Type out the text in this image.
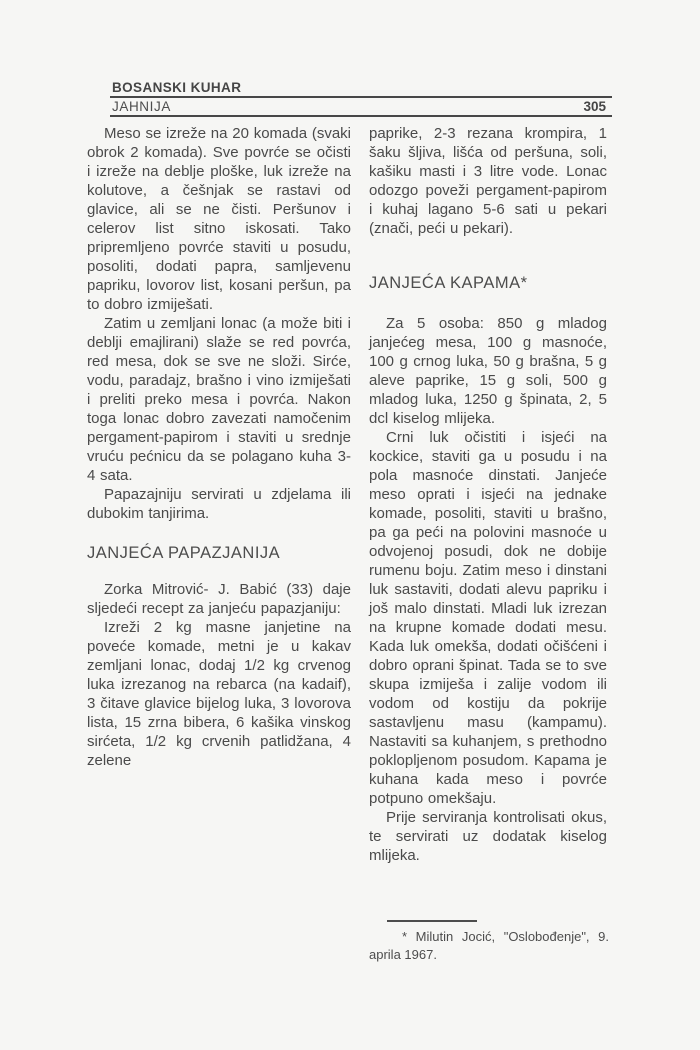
BOSANSKI KUHAR
JAHNIJA	305

Meso se izreže na 20 komada (svaki obrok 2 komada). Sve povrće se očisti i izreže na deblje ploške, luk izreže na kolutove, a češnjak se rastavi od glavice, ali se ne čisti. Peršunov i celerov list sitno iskosati. Tako pripremljeno povrće staviti u posudu, posoliti, dodati papra, samljevenu papriku, lovorov list, kosani peršun, pa to dobro izmiješati.

Zatim u zemljani lonac (a može biti i deblji emajlirani) slaže se red povrća, red mesa, dok se sve ne složi. Sirće, vodu, paradajz, brašno i vino izmiješati i preliti preko mesa i povrća. Nakon toga lonac dobro zavezati namočenim pergament-papirom i staviti u srednje vruću pećnicu da se polagano kuha 3-4 sata.

Papazajniju servirati u zdjelama ili dubokim tanjirima.

JANJEĆA PAPAZJANIJA

Zorka Mitrović- J. Babić (33) daje sljedeći recept za janjeću papazjaniju:

Izreži 2 kg masne janjetine na poveće komade, metni je u kakav zemljani lonac, dodaj 1/2 kg crvenog luka izrezanog na rebarca (na kadaif), 3 čitave glavice bijelog luka, 3 lovorova lista, 15 zrna bibera, 6 kašika vinskog sirćeta, 1/2 kg crvenih patlidžana, 4 zelene

paprike, 2-3 rezana krompira, 1 šaku šljiva, lišća od peršuna, soli, kašiku masti i 3 litre vode. Lonac odozgo poveži pergament-papirom i kuhaj lagano 5-6 sati u pekari (znači, peći u pekari).

JANJEĆA KAPAMA*

Za 5 osoba: 850 g mladog janjećeg mesa, 100 g masnoće, 100 g crnog luka, 50 g brašna, 5 g aleve paprike, 15 g soli, 500 g mladog luka, 1250 g špinata, 2, 5 dcl kiselog mlijeka.

Crni luk očistiti i isjeći na kockice, staviti ga u posudu i na pola masnoće dinstati. Janjeće meso oprati i isjeći na jednake komade, posoliti, staviti u brašno, pa ga peći na polovini masnoće u odvojenoj posudi, dok ne dobije rumenu boju. Zatim meso i dinstani luk sastaviti, dodati alevu papriku i još malo dinstati. Mladi luk izrezan na krupne komade dodati mesu. Kada luk omekša, dodati očišćeni i dobro oprani špinat. Tada se to sve skupa izmiješa i zalije vodom ili vodom od kostiju da pokrije sastavljenu masu (kampamu). Nastaviti sa kuhanjem, s prethodno poklopljenom posudom. Kapama je kuhana kada meso i povrće potpuno omekšaju.

Prije serviranja kontrolisati okus, te servirati uz dodatak kiselog mlijeka.

* Milutin Jocić, "Oslobođenje", 9. aprila 1967.
